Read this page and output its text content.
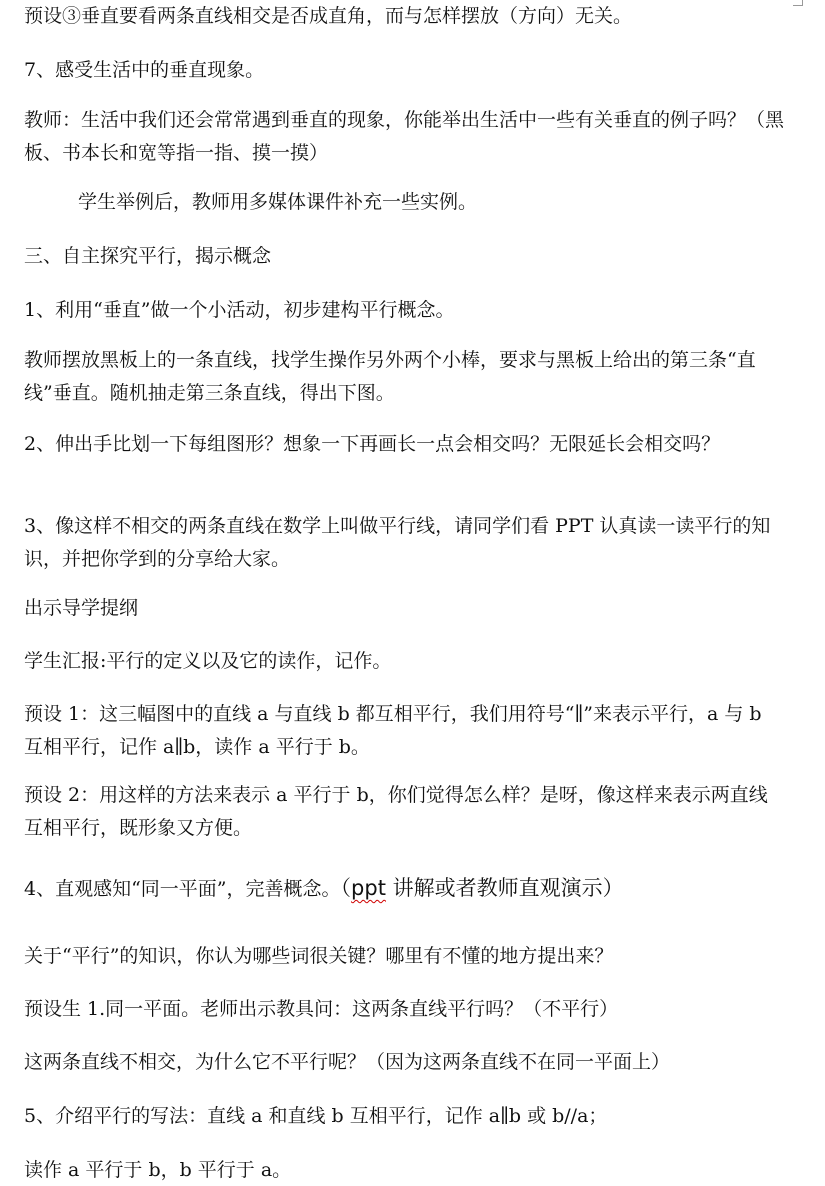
预设③垂直要看两条直线相交是否成直角，而与怎样摆放（方向）无关。

7、感受生活中的垂直现象。

教师：生活中我们还会常常遇到垂直的现象，你能举出生活中一些有关垂直的例子吗？（黑板、书本长和宽等指一指、摸一摸）

学生举例后，教师用多媒体课件补充一些实例。

三、自主探究平行，揭示概念

1、利用“垂直”做一个小活动，初步建构平行概念。

教师摆放黑板上的一条直线，找学生操作另外两个小棒，要求与黑板上给出的第三条“直线”垂直。随机抽走第三条直线，得出下图。

2、伸出手比划一下每组图形？想象一下再画长一点会相交吗？无限延长会相交吗？

3、像这样不相交的两条直线在数学上叫做平行线，请同学们看 PPT 认真读一读平行的知识，并把你学到的分享给大家。

出示导学提纲

学生汇报:平行的定义以及它的读作，记作。

预设 1：这三幅图中的直线 a 与直线 b 都互相平行，我们用符号“∥”来表示平行，a 与 b 互相平行，记作 a∥b，读作 a 平行于 b。

预设 2：用这样的方法来表示 a 平行于 b，你们觉得怎么样？是呀，像这样来表示两直线互相平行，既形象又方便。

4、直观感知“同一平面”，完善概念。（ppt 讲解或者教师直观演示）

关于“平行”的知识，你认为哪些词很关键？哪里有不懂的地方提出来？

预设生 1.同一平面。老师出示教具问：这两条直线平行吗？（不平行）

这两条直线不相交，为什么它不平行呢？（因为这两条直线不在同一平面上）

5、介绍平行的写法：直线 a 和直线 b 互相平行，记作 a∥b 或 b//a；

读作 a 平行于 b，b 平行于 a。
